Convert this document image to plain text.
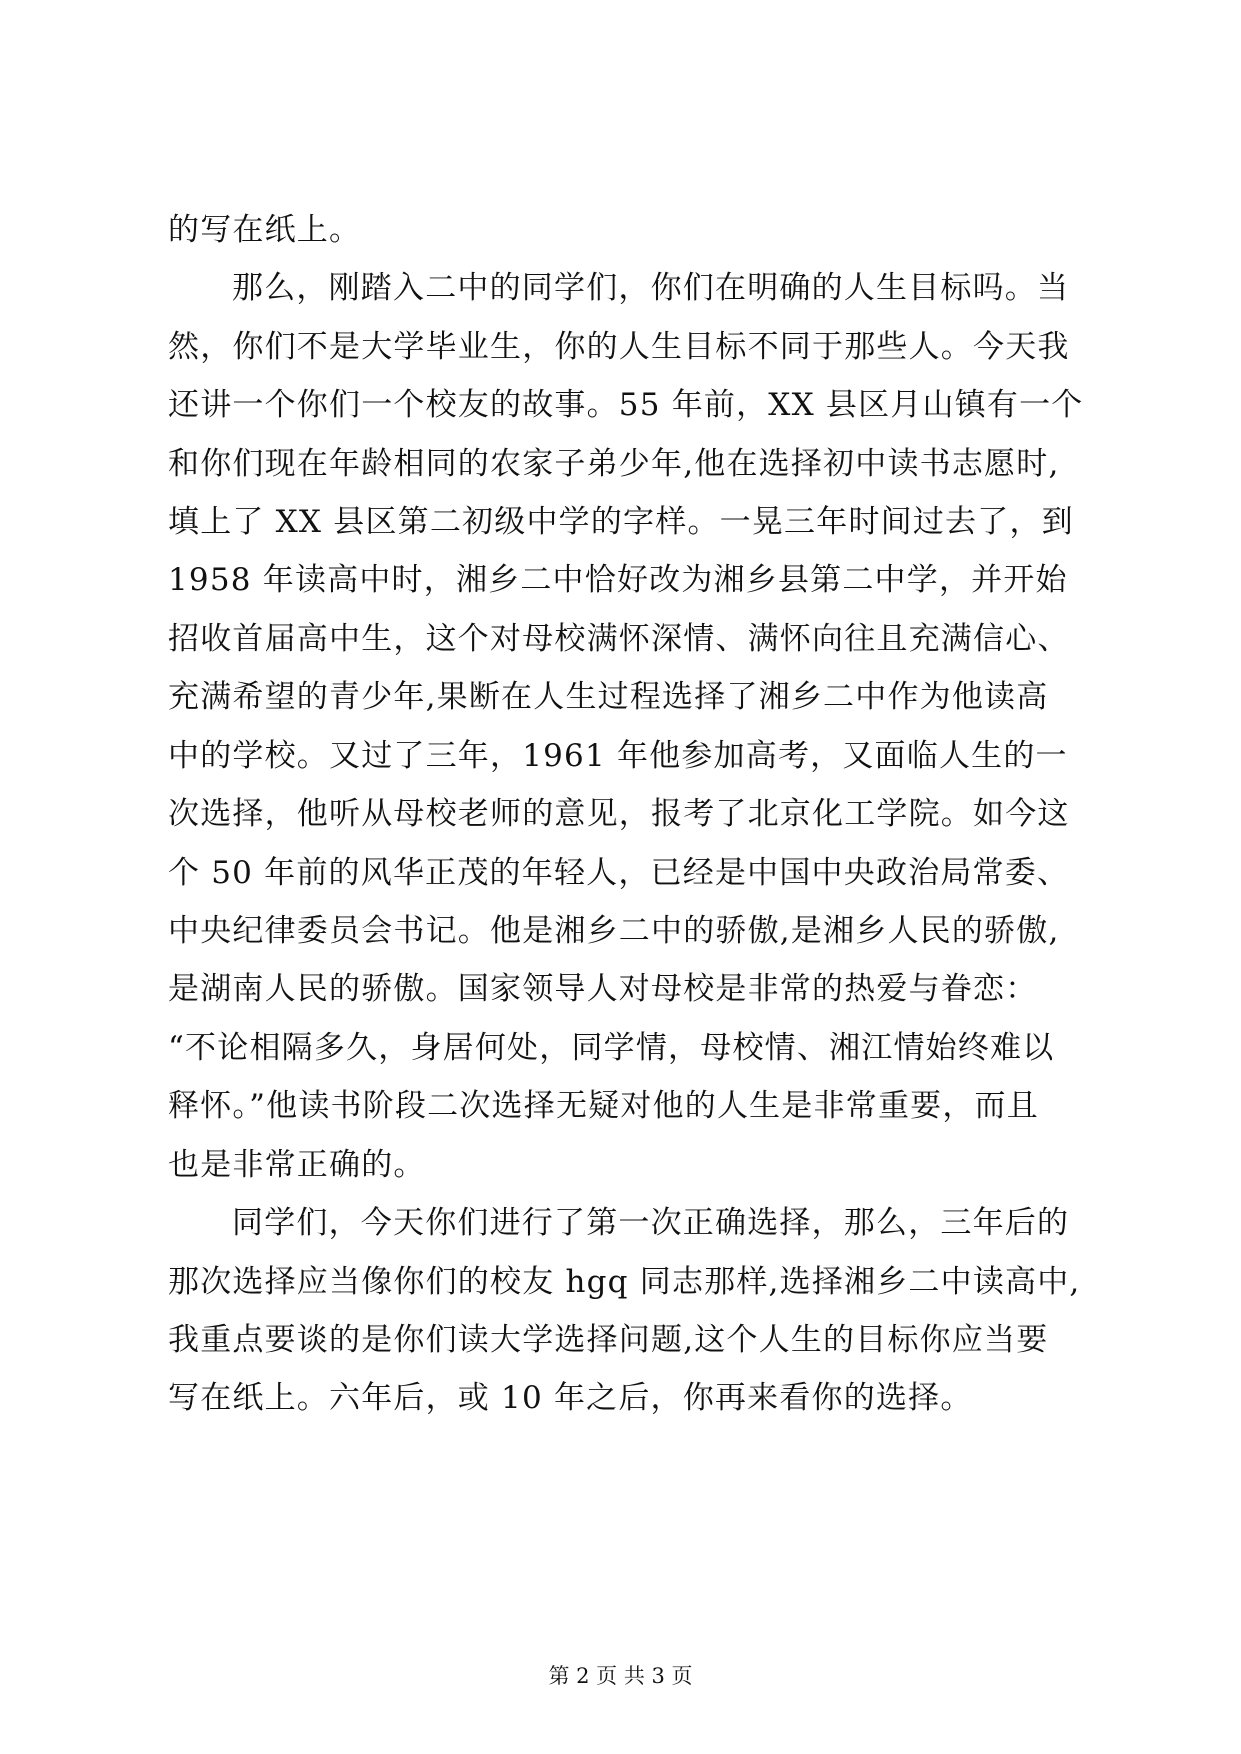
的写在纸上。
那么，刚踏入二中的同学们，你们在明确的人生目标吗。当
然，你们不是大学毕业生，你的人生目标不同于那些人。今天我
还讲一个你们一个校友的故事。55 年前，XX 县区月山镇有一个
和你们现在年龄相同的农家子弟少年,他在选择初中读书志愿时,
填上了 XX 县区第二初级中学的字样。一晃三年时间过去了，到
1958 年读高中时，湘乡二中恰好改为湘乡县第二中学，并开始
招收首届高中生，这个对母校满怀深情、满怀向往且充满信心、
充满希望的青少年,果断在人生过程选择了湘乡二中作为他读高
中的学校。又过了三年，1961 年他参加高考，又面临人生的一
次选择，他听从母校老师的意见，报考了北京化工学院。如今这
个 50 年前的风华正茂的年轻人，已经是中国中央政治局常委、
中央纪律委员会书记。他是湘乡二中的骄傲,是湘乡人民的骄傲,
是湖南人民的骄傲。国家领导人对母校是非常的热爱与眷恋：
“不论相隔多久，身居何处，同学情，母校情、湘江情始终难以
释怀。”他读书阶段二次选择无疑对他的人生是非常重要，而且
也是非常正确的。
同学们，今天你们进行了第一次正确选择，那么，三年后的
那次选择应当像你们的校友 hgq 同志那样,选择湘乡二中读高中,
我重点要谈的是你们读大学选择问题,这个人生的目标你应当要
写在纸上。六年后，或 10 年之后，你再来看你的选择。
第 2 页 共 3 页
